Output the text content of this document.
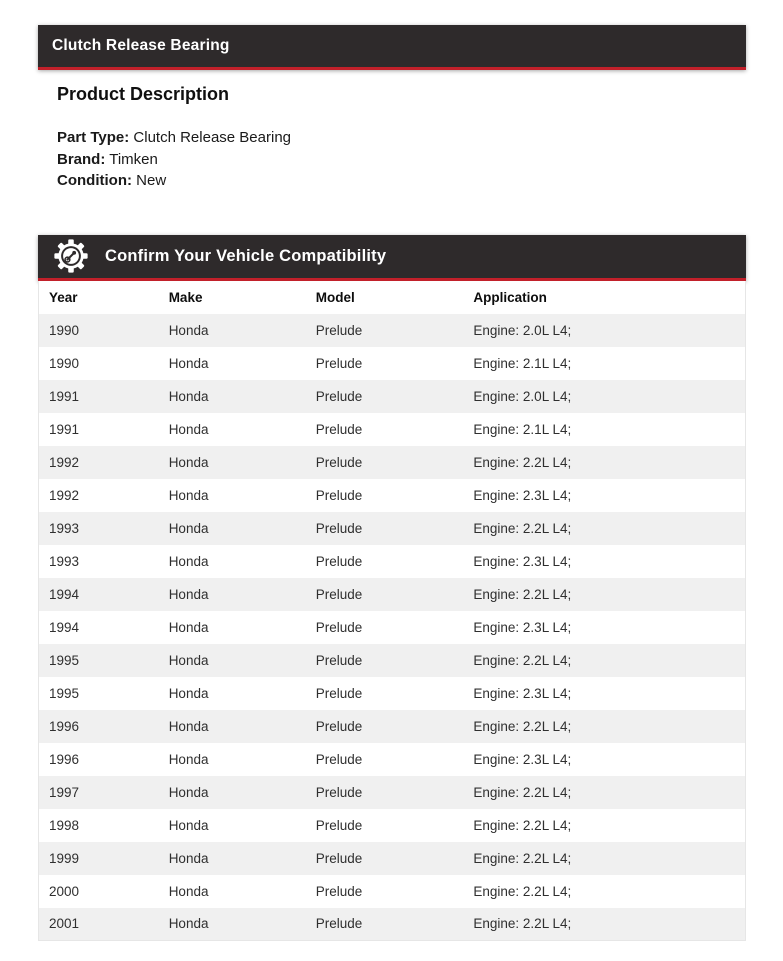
Clutch Release Bearing
Product Description
Part Type: Clutch Release Bearing
Brand: Timken
Condition: New
Confirm Your Vehicle Compatibility
Year	Make	Model	Application
1990	Honda	Prelude	Engine: 2.0L L4;
1990	Honda	Prelude	Engine: 2.1L L4;
1991	Honda	Prelude	Engine: 2.0L L4;
1991	Honda	Prelude	Engine: 2.1L L4;
1992	Honda	Prelude	Engine: 2.2L L4;
1992	Honda	Prelude	Engine: 2.3L L4;
1993	Honda	Prelude	Engine: 2.2L L4;
1993	Honda	Prelude	Engine: 2.3L L4;
1994	Honda	Prelude	Engine: 2.2L L4;
1994	Honda	Prelude	Engine: 2.3L L4;
1995	Honda	Prelude	Engine: 2.2L L4;
1995	Honda	Prelude	Engine: 2.3L L4;
1996	Honda	Prelude	Engine: 2.2L L4;
1996	Honda	Prelude	Engine: 2.3L L4;
1997	Honda	Prelude	Engine: 2.2L L4;
1998	Honda	Prelude	Engine: 2.2L L4;
1999	Honda	Prelude	Engine: 2.2L L4;
2000	Honda	Prelude	Engine: 2.2L L4;
2001	Honda	Prelude	Engine: 2.2L L4;
